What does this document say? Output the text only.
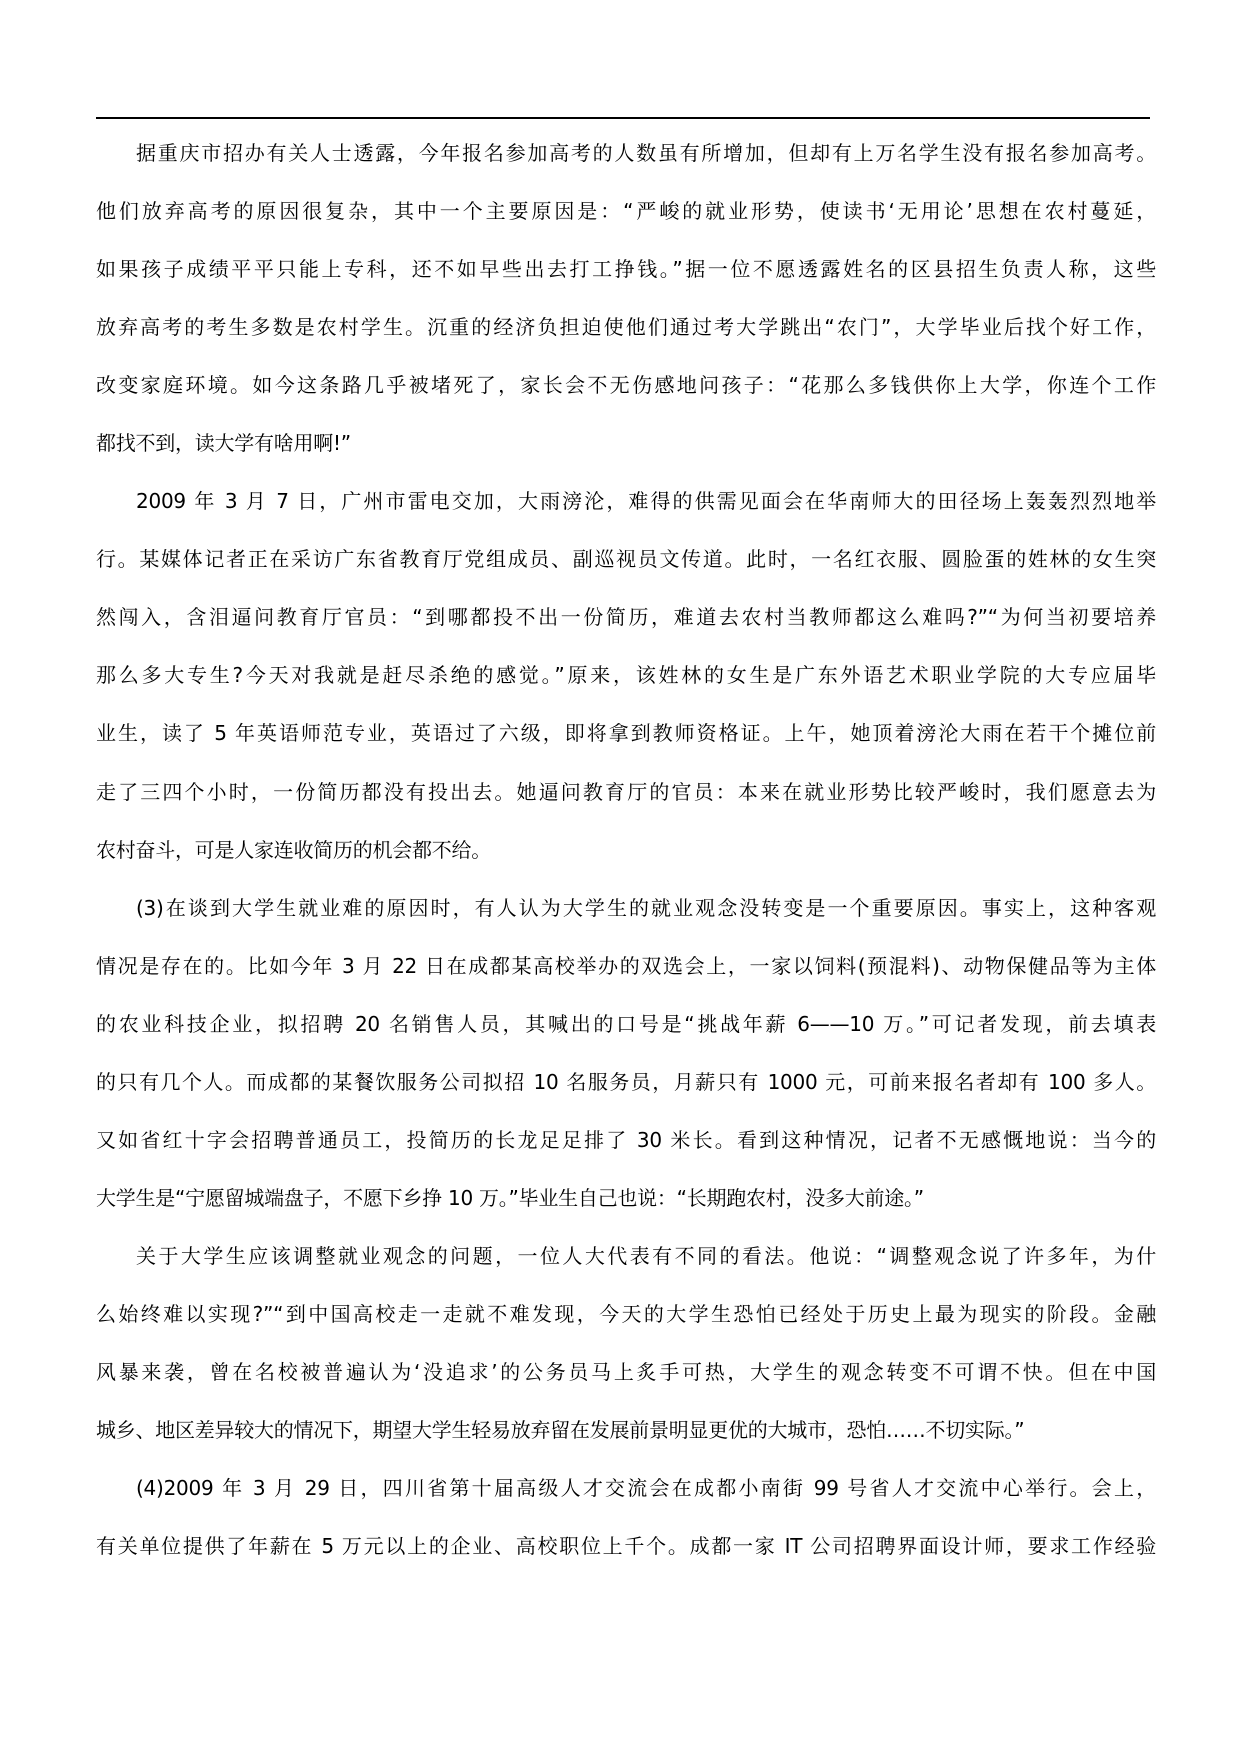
据重庆市招办有关人士透露，今年报名参加高考的人数虽有所增加，但却有上万名学生没有报名参加高考。
他们放弃高考的原因很复杂，其中一个主要原因是：“严峻的就业形势，使读书‘无用论’思想在农村蔓延，
如果孩子成绩平平只能上专科，还不如早些出去打工挣钱。”据一位不愿透露姓名的区县招生负责人称，这些
放弃高考的考生多数是农村学生。沉重的经济负担迫使他们通过考大学跳出“农门”，大学毕业后找个好工作，
改变家庭环境。如今这条路几乎被堵死了，家长会不无伤感地问孩子：“花那么多钱供你上大学，你连个工作
都找不到，读大学有啥用啊!”
2009 年 3 月 7 日，广州市雷电交加，大雨滂沦，难得的供需见面会在华南师大的田径场上轰轰烈烈地举
行。某媒体记者正在采访广东省教育厅党组成员、副巡视员文传道。此时，一名红衣服、圆脸蛋的姓林的女生突
然闯入，含泪逼问教育厅官员：“到哪都投不出一份简历，难道去农村当教师都这么难吗?”“为何当初要培养
那么多大专生?今天对我就是赶尽杀绝的感觉。”原来，该姓林的女生是广东外语艺术职业学院的大专应届毕
业生，读了 5 年英语师范专业，英语过了六级，即将拿到教师资格证。上午，她顶着滂沦大雨在若干个摊位前
走了三四个小时，一份简历都没有投出去。她逼问教育厅的官员：本来在就业形势比较严峻时，我们愿意去为
农村奋斗，可是人家连收简历的机会都不给。
(3)在谈到大学生就业难的原因时，有人认为大学生的就业观念没转变是一个重要原因。事实上，这种客观
情况是存在的。比如今年 3 月 22 日在成都某高校举办的双选会上，一家以饲料(预混料)、动物保健品等为主体
的农业科技企业，拟招聘 20 名销售人员，其喊出的口号是“挑战年薪 6——10 万。”可记者发现，前去填表
的只有几个人。而成都的某餐饮服务公司拟招 10 名服务员，月薪只有 1000 元，可前来报名者却有 100 多人。
又如省红十字会招聘普通员工，投简历的长龙足足排了 30 米长。看到这种情况，记者不无感慨地说：当今的
大学生是“宁愿留城端盘子，不愿下乡挣 10 万。”毕业生自己也说：“长期跑农村，没多大前途。”
关于大学生应该调整就业观念的问题，一位人大代表有不同的看法。他说：“调整观念说了许多年，为什
么始终难以实现?”“到中国高校走一走就不难发现，今天的大学生恐怕已经处于历史上最为现实的阶段。金融
风暴来袭，曾在名校被普遍认为‘没追求’的公务员马上炙手可热，大学生的观念转变不可谓不快。但在中国
城乡、地区差异较大的情况下，期望大学生轻易放弃留在发展前景明显更优的大城市，恐怕……不切实际。”
(4)2009 年 3 月 29 日，四川省第十届高级人才交流会在成都小南街 99 号省人才交流中心举行。会上，
有关单位提供了年薪在 5 万元以上的企业、高校职位上千个。成都一家 IT 公司招聘界面设计师，要求工作经验
